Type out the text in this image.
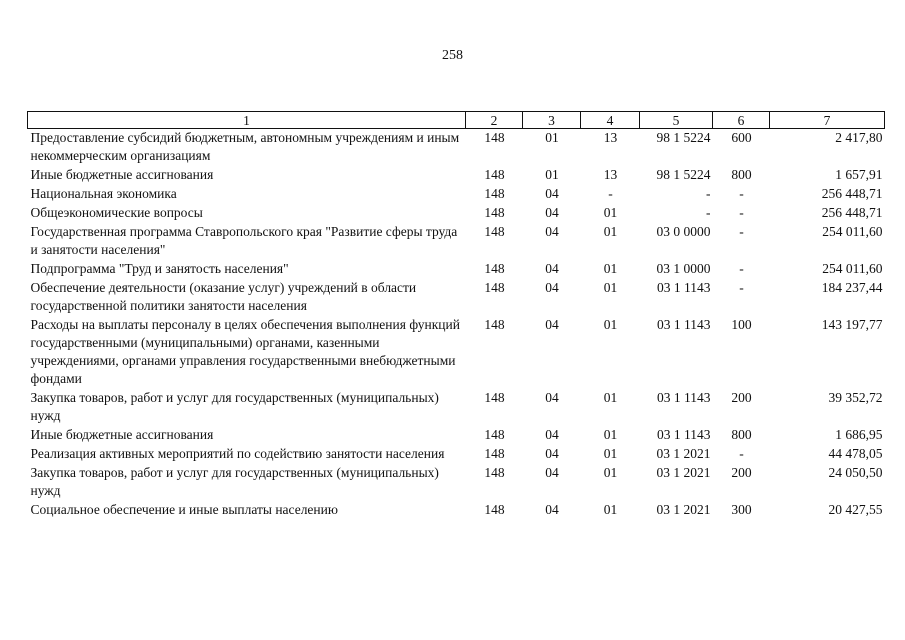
258
1	2	3	4	5	6	7
Предоставление субсидий бюджетным, автономным учреждениям и иным некоммерческим организациям	148	01	13	98 1 5224	600	2 417,80
Иные бюджетные ассигнования	148	01	13	98 1 5224	800	1 657,91
Национальная экономика	148	04	-	-	-	256 448,71
Общеэкономические вопросы	148	04	01	-	-	256 448,71
Государственная программа Ставропольского края "Развитие сферы труда и занятости населения"	148	04	01	03 0 0000	-	254 011,60
Подпрограмма "Труд и занятость населения"	148	04	01	03 1 0000	-	254 011,60
Обеспечение деятельности (оказание услуг) учреждений в области государственной политики занятости населения	148	04	01	03 1 1143	-	184 237,44
Расходы на выплаты персоналу в целях обеспечения выполнения функций государственными (муниципальными) органами, казенными учреждениями, органами управления государственными внебюджетными фондами	148	04	01	03 1 1143	100	143 197,77
Закупка товаров, работ и услуг для государственных (муниципальных) нужд	148	04	01	03 1 1143	200	39 352,72
Иные бюджетные ассигнования	148	04	01	03 1 1143	800	1 686,95
Реализация активных мероприятий по содействию занятости населения	148	04	01	03 1 2021	-	44 478,05
Закупка товаров, работ и услуг для государственных (муниципальных) нужд	148	04	01	03 1 2021	200	24 050,50
Социальное обеспечение и иные выплаты населению	148	04	01	03 1 2021	300	20 427,55
